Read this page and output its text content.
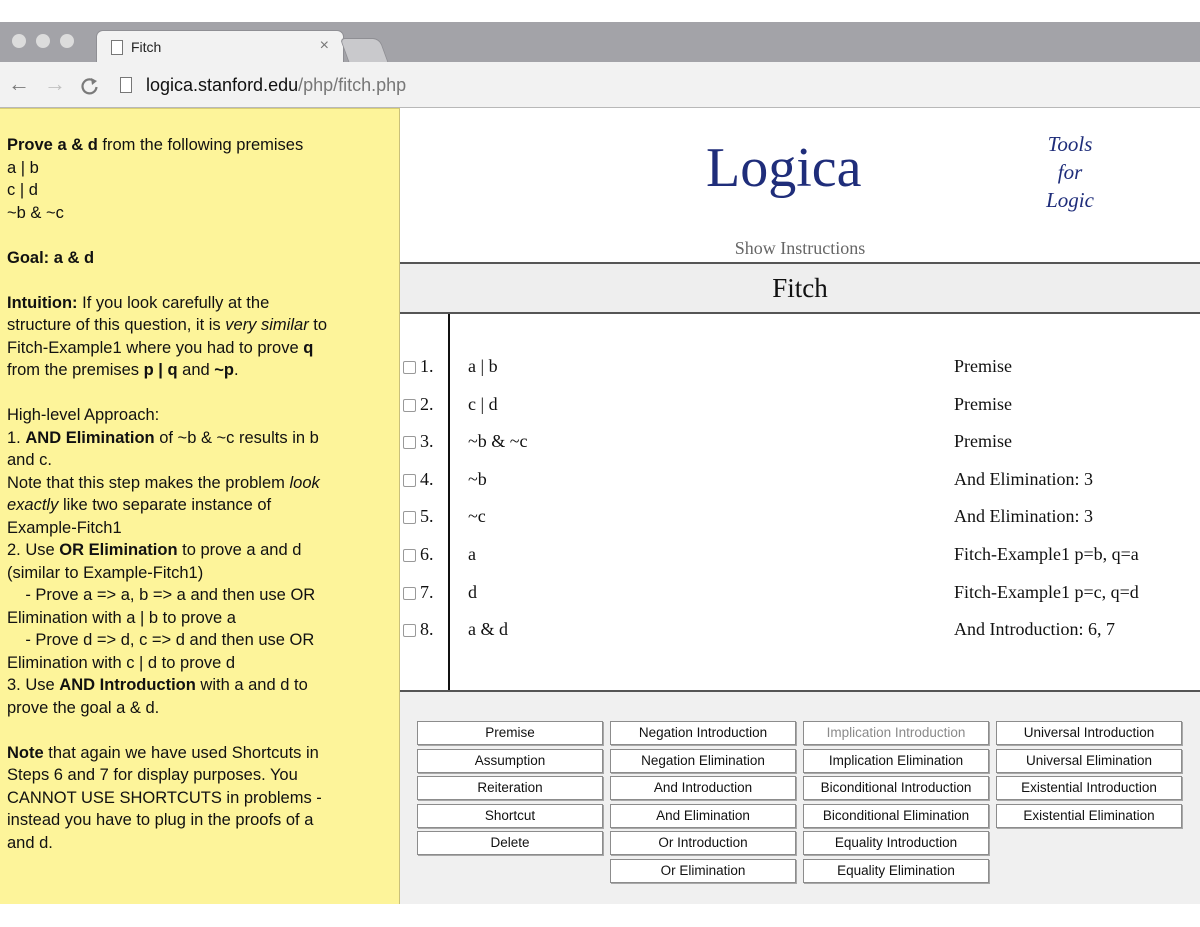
Fitch	×
← →	logica.stanford.edu/php/fitch.php
Prove a & d from the following premises
a | b
c | d
~b & ~c
Goal: a & d
Intuition: If you look carefully at the
structure of this question, it is very similar to
Fitch-Example1 where you had to prove q
from the premises p | q and ~p.
High-level Approach:
1. AND Elimination of ~b & ~c results in b
and c.
Note that this step makes the problem look
exactly like two separate instance of
Example-Fitch1
2. Use OR Elimination to prove a and d
(similar to Example-Fitch1)
- Prove a => a, b => a and then use OR
Elimination with a | b to prove a
- Prove d => d, c => d and then use OR
Elimination with c | d to prove d
3. Use AND Introduction with a and d to
prove the goal a & d.
Note that again we have used Shortcuts in
Steps 6 and 7 for display purposes. You
CANNOT USE SHORTCUTS in problems -
instead you have to plug in the proofs of a
and d.
Logica	Tools
for
Logic
Show Instructions
Fitch
1. a | b	Premise
2. c | d	Premise
3. ~b & ~c	Premise
4. ~b	And Elimination: 3
5. ~c	And Elimination: 3
6. a	Fitch-Example1 p=b, q=a
7. d	Fitch-Example1 p=c, q=d
8. a & d	And Introduction: 6, 7
Premise
Assumption
Reiteration
Shortcut
Delete
Negation Introduction
Negation Elimination
And Introduction
And Elimination
Or Introduction
Or Elimination
Implication Introduction
Implication Elimination
Biconditional Introduction
Biconditional Elimination
Equality Introduction
Equality Elimination
Universal Introduction
Universal Elimination
Existential Introduction
Existential Elimination
